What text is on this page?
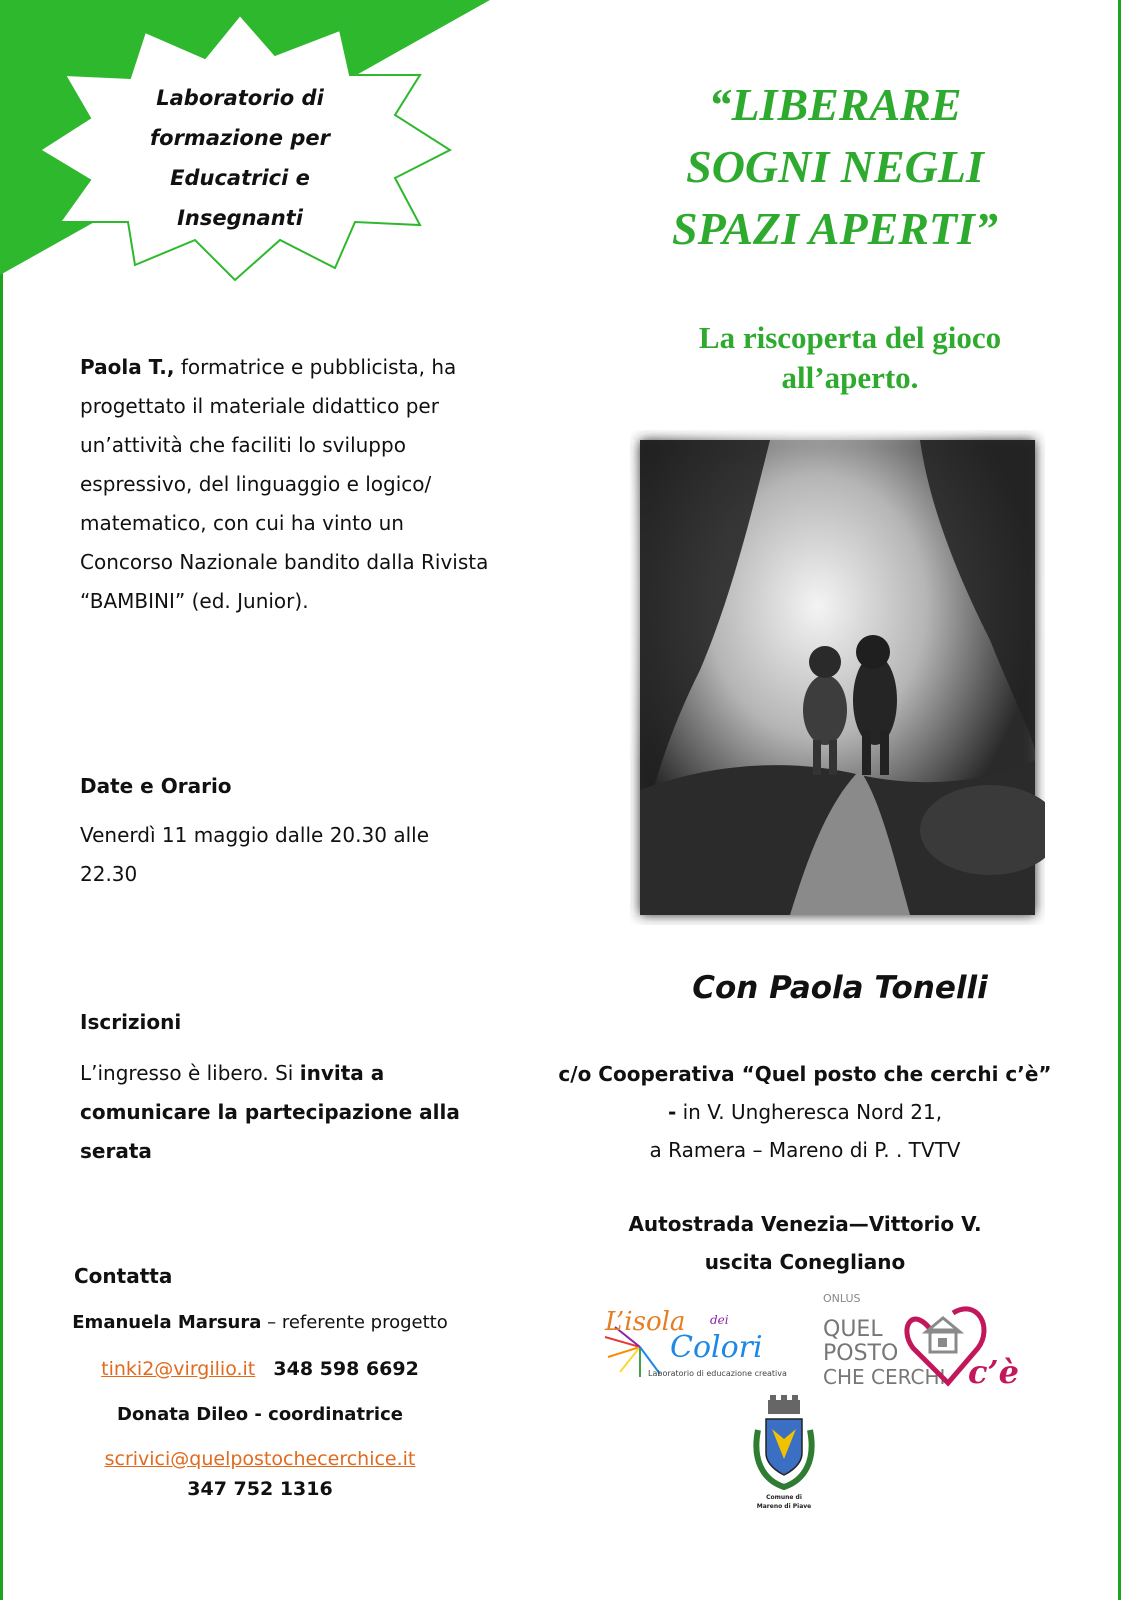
Laboratorio di
formazione per
Educatrici e
Insegnanti
“LIBERARE
SOGNI NEGLI
SPAZI APERTI”
La riscoperta del gioco
all’aperto.
Paola T., formatrice e pubblicista, ha progettato il materiale didattico per un’attività che faciliti lo sviluppo espressivo, del linguaggio e logico/ matematico, con cui ha vinto un Concorso Nazionale bandito dalla Rivista “BAMBINI” (ed. Junior).
Date e Orario
Venerdì 11 maggio dalle 20.30 alle 22.30
Iscrizioni
L’ingresso è libero. Si invita a comunicare la partecipazione alla serata
Con Paola Tonelli
c/o Cooperativa “Quel posto che cerchi c’è”
- in V. Ungheresca Nord 21,
a Ramera – Mareno di P. . TVTV
Autostrada Venezia—Vittorio V.
uscita Conegliano
Contatta
Emanuela Marsura – referente progetto
tinki2@virgilio.it 348 598 6692
Donata Dileo - coordinatrice
scrivici@quelpostochecerchice.it
347 752 1316
L’isola dei
Colori
Laboratorio di educazione creativa
ONLUS
QUEL
POSTO
CHE CERCHI c’è
Comune di
Mareno di Piave
